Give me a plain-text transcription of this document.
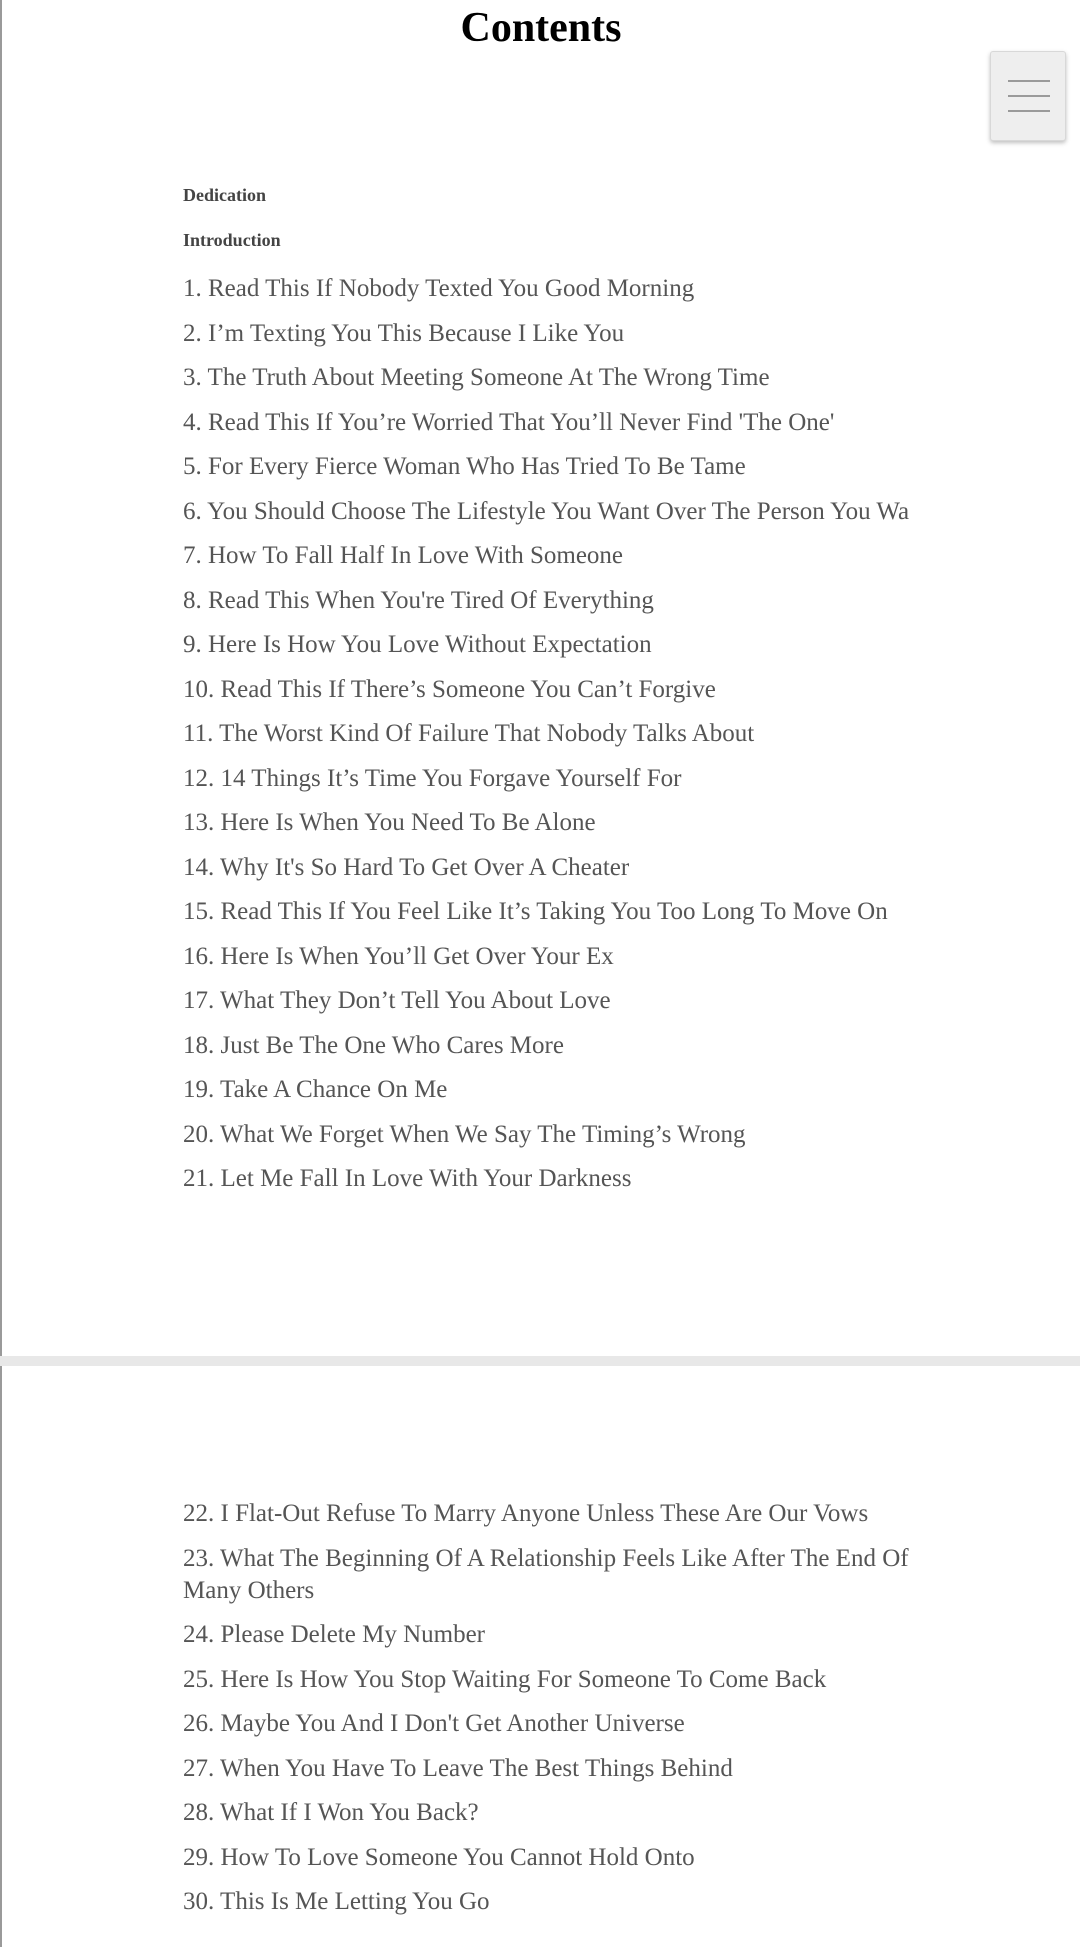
Contents
Dedication
Introduction
1. Read This If Nobody Texted You Good Morning
2. I’m Texting You This Because I Like You
3. The Truth About Meeting Someone At The Wrong Time
4. Read This If You’re Worried That You’ll Never Find 'The One'
5. For Every Fierce Woman Who Has Tried To Be Tame
6. You Should Choose The Lifestyle You Want Over The Person You Wa
7. How To Fall Half In Love With Someone
8. Read This When You're Tired Of Everything
9. Here Is How You Love Without Expectation
10. Read This If There’s Someone You Can’t Forgive
11. The Worst Kind Of Failure That Nobody Talks About
12. 14 Things It’s Time You Forgave Yourself For
13. Here Is When You Need To Be Alone
14. Why It's So Hard To Get Over A Cheater
15. Read This If You Feel Like It’s Taking You Too Long To Move On
16. Here Is When You’ll Get Over Your Ex
17. What They Don’t Tell You About Love
18. Just Be The One Who Cares More
19. Take A Chance On Me
20. What We Forget When We Say The Timing’s Wrong
21. Let Me Fall In Love With Your Darkness
22. I Flat-Out Refuse To Marry Anyone Unless These Are Our Vows
23. What The Beginning Of A Relationship Feels Like After The End Of Many Others
24. Please Delete My Number
25. Here Is How You Stop Waiting For Someone To Come Back
26. Maybe You And I Don't Get Another Universe
27. When You Have To Leave The Best Things Behind
28. What If I Won You Back?
29. How To Love Someone You Cannot Hold Onto
30. This Is Me Letting You Go
